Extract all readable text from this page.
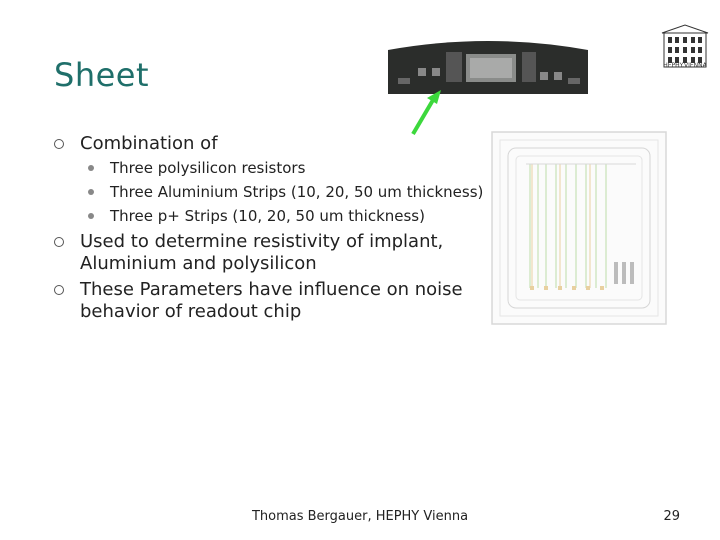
Sheet	HEPHY.VIENNA
Combination of
Three polysilicon resistors
Three Aluminium Strips (10, 20, 50 um thickness)
Three p+ Strips (10, 20, 50 um thickness)
Used to determine resistivity of implant, Aluminium and polysilicon
These Parameters have influence on noise behavior of readout chip
Thomas Bergauer, HEPHY Vienna	29
